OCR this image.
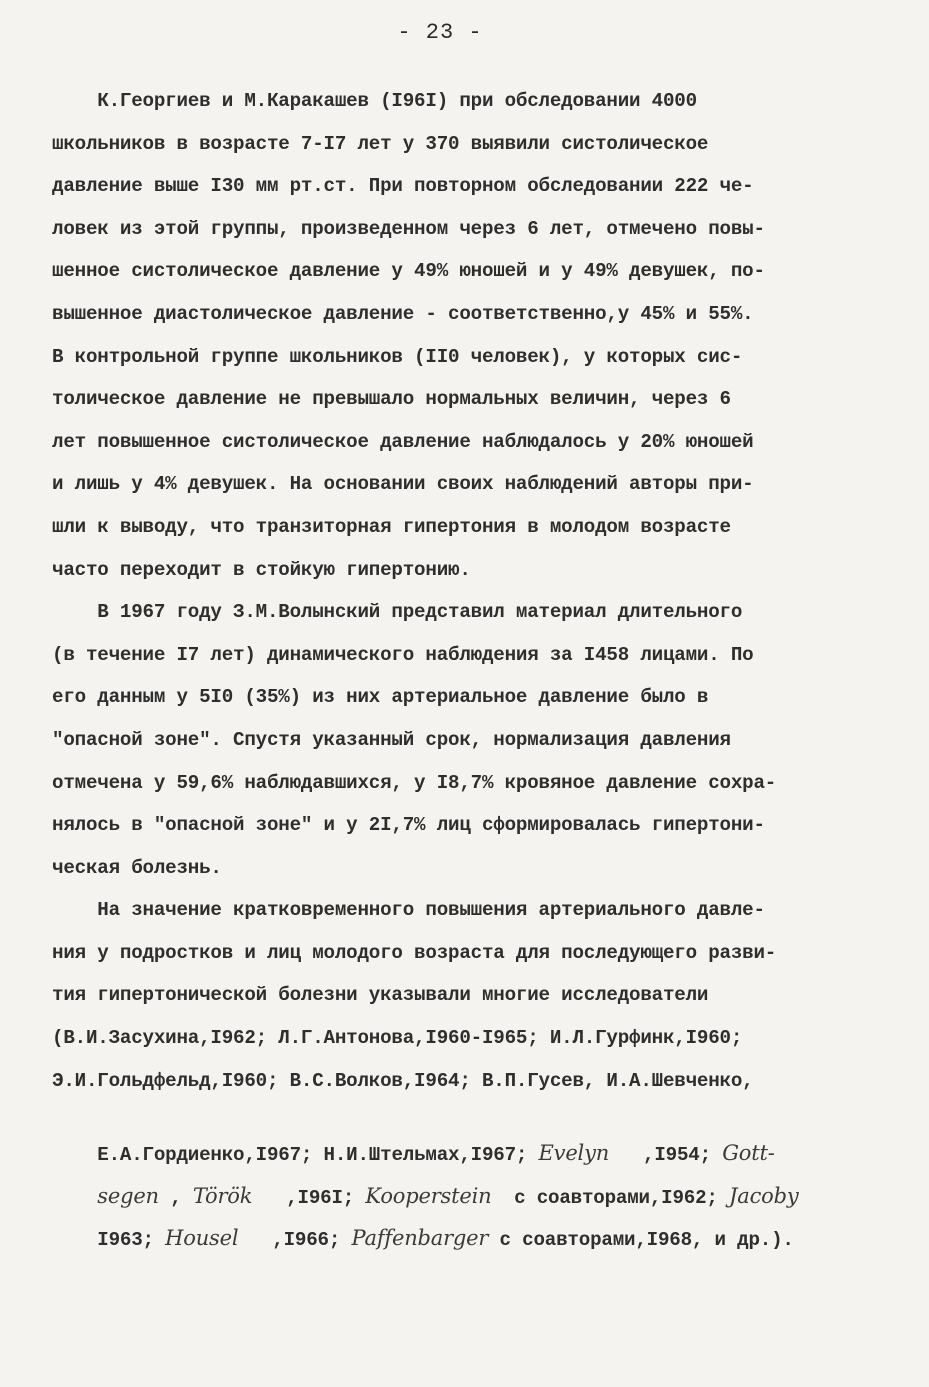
- 23 -
К.Георгиев и М.Каракашев (I96I) при обследовании 4000
школьников в возрасте 7-I7 лет у 370 выявили систолическое
давление выше I30 мм рт.ст. При повторном обследовании 222 че-
ловек из этой группы, произведенном через 6 лет, отмечено повы-
шенное систолическое давление у 49% юношей и у 49% девушек, по-
вышенное диастолическое давление - соответственно,у 45% и 55%.
В контрольной группе школьников (II0 человек), у которых сис-
толическое давление не превышало нормальных величин, через 6
лет повышенное систолическое давление наблюдалось у 20% юношей
и лишь у 4% девушек. На основании своих наблюдений авторы при-
шли к выводу, что транзиторная гипертония в молодом возрасте
часто переходит в стойкую гипертонию.
В 1967 году З.М.Волынский представил материал длительного
(в течение I7 лет) динамического наблюдения за I458 лицами. По
его данным у 5I0 (35%) из них артериальное давление было в
"опасной зоне". Спустя указанный срок, нормализация давления
отмечена у 59,6% наблюдавшихся, у I8,7% кровяное давление сохра-
нялось в "опасной зоне" и у 2I,7% лиц сформировалась гипертони-
ческая болезнь.
На значение кратковременного повышения артериального давле-
ния у подростков и лиц молодого возраста для последующего разви-
тия гипертонической болезни указывали многие исследователи
(В.И.Засухина,I962; Л.Г.Антонова,I960-I965; И.Л.Гурфинк,I960;
Э.И.Гольдфельд,I960; В.С.Волков,I964; В.П.Гусев, И.А.Шевченко,

Е.А.Гордиенко,I967; Н.И.Штельмах,I967; Evelyn   ,I954; Gott-

segen , Török   ,I96I; Kooperstein  с соавторами,I962; Jacoby

I963; Housel   ,I966; Paffenbarger с соавторами,I968, и др.).
